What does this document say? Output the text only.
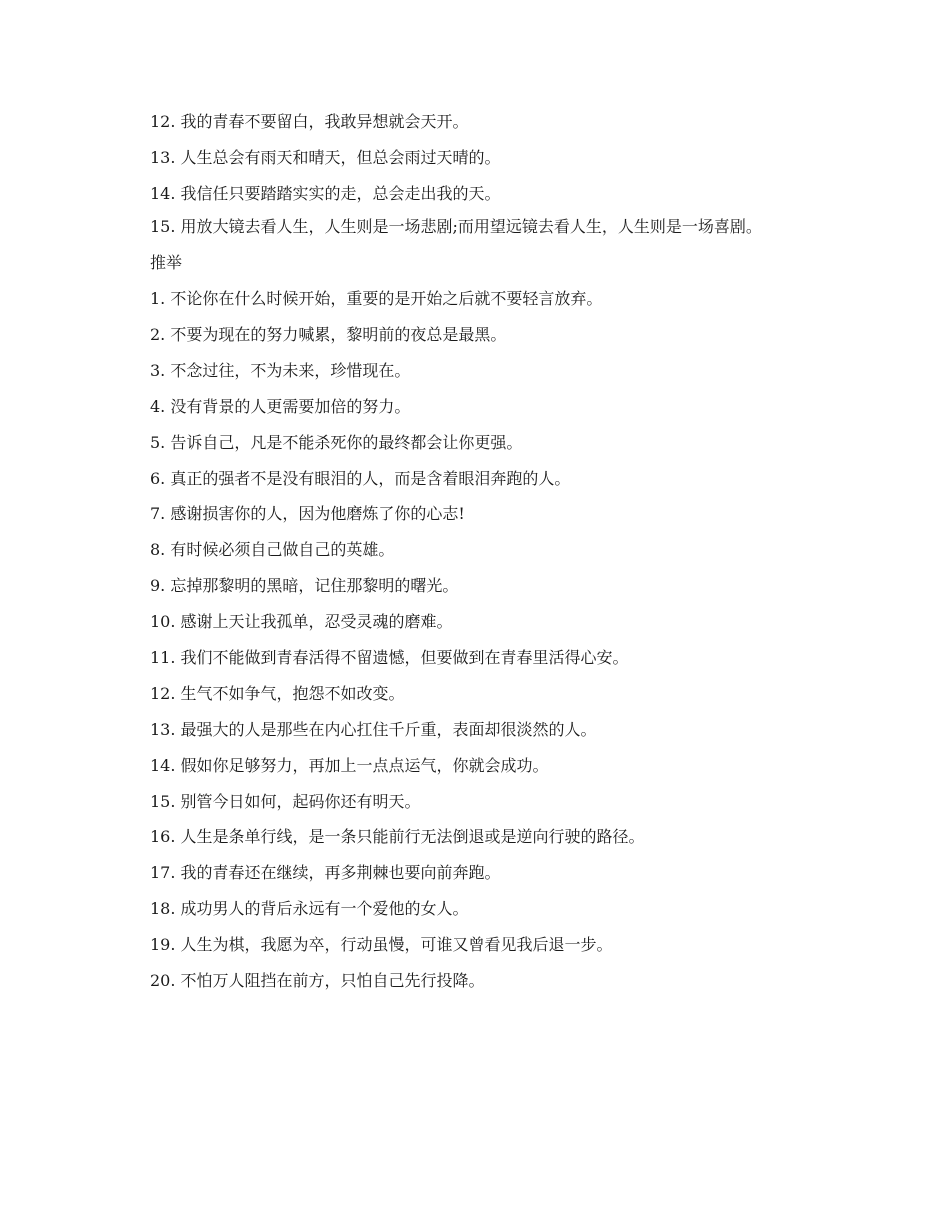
12. 我的青春不要留白，我敢异想就会天开。

13. 人生总会有雨天和晴天，但总会雨过天晴的。

14. 我信任只要踏踏实实的走，总会走出我的天。

15. 用放大镜去看人生，人生则是一场悲剧;而用望远镜去看人生，人生则是一场喜剧。

推举

1. 不论你在什么时候开始，重要的是开始之后就不要轻言放弃。

2. 不要为现在的努力喊累，黎明前的夜总是最黑。

3. 不念过往，不为未来，珍惜现在。

4. 没有背景的人更需要加倍的努力。

5. 告诉自己，凡是不能杀死你的最终都会让你更强。

6. 真正的强者不是没有眼泪的人，而是含着眼泪奔跑的人。

7. 感谢损害你的人，因为他磨炼了你的心志!

8. 有时候必须自己做自己的英雄。

9. 忘掉那黎明的黑暗，记住那黎明的曙光。

10. 感谢上天让我孤单，忍受灵魂的磨难。

11. 我们不能做到青春活得不留遗憾，但要做到在青春里活得心安。

12. 生气不如争气，抱怨不如改变。

13. 最强大的人是那些在内心扛住千斤重，表面却很淡然的人。

14. 假如你足够努力，再加上一点点运气，你就会成功。

15. 别管今日如何，起码你还有明天。

16. 人生是条单行线，是一条只能前行无法倒退或是逆向行驶的路径。

17. 我的青春还在继续，再多荆棘也要向前奔跑。

18. 成功男人的背后永远有一个爱他的女人。

19. 人生为棋，我愿为卒，行动虽慢，可谁又曾看见我后退一步。

20. 不怕万人阻挡在前方，只怕自己先行投降。
